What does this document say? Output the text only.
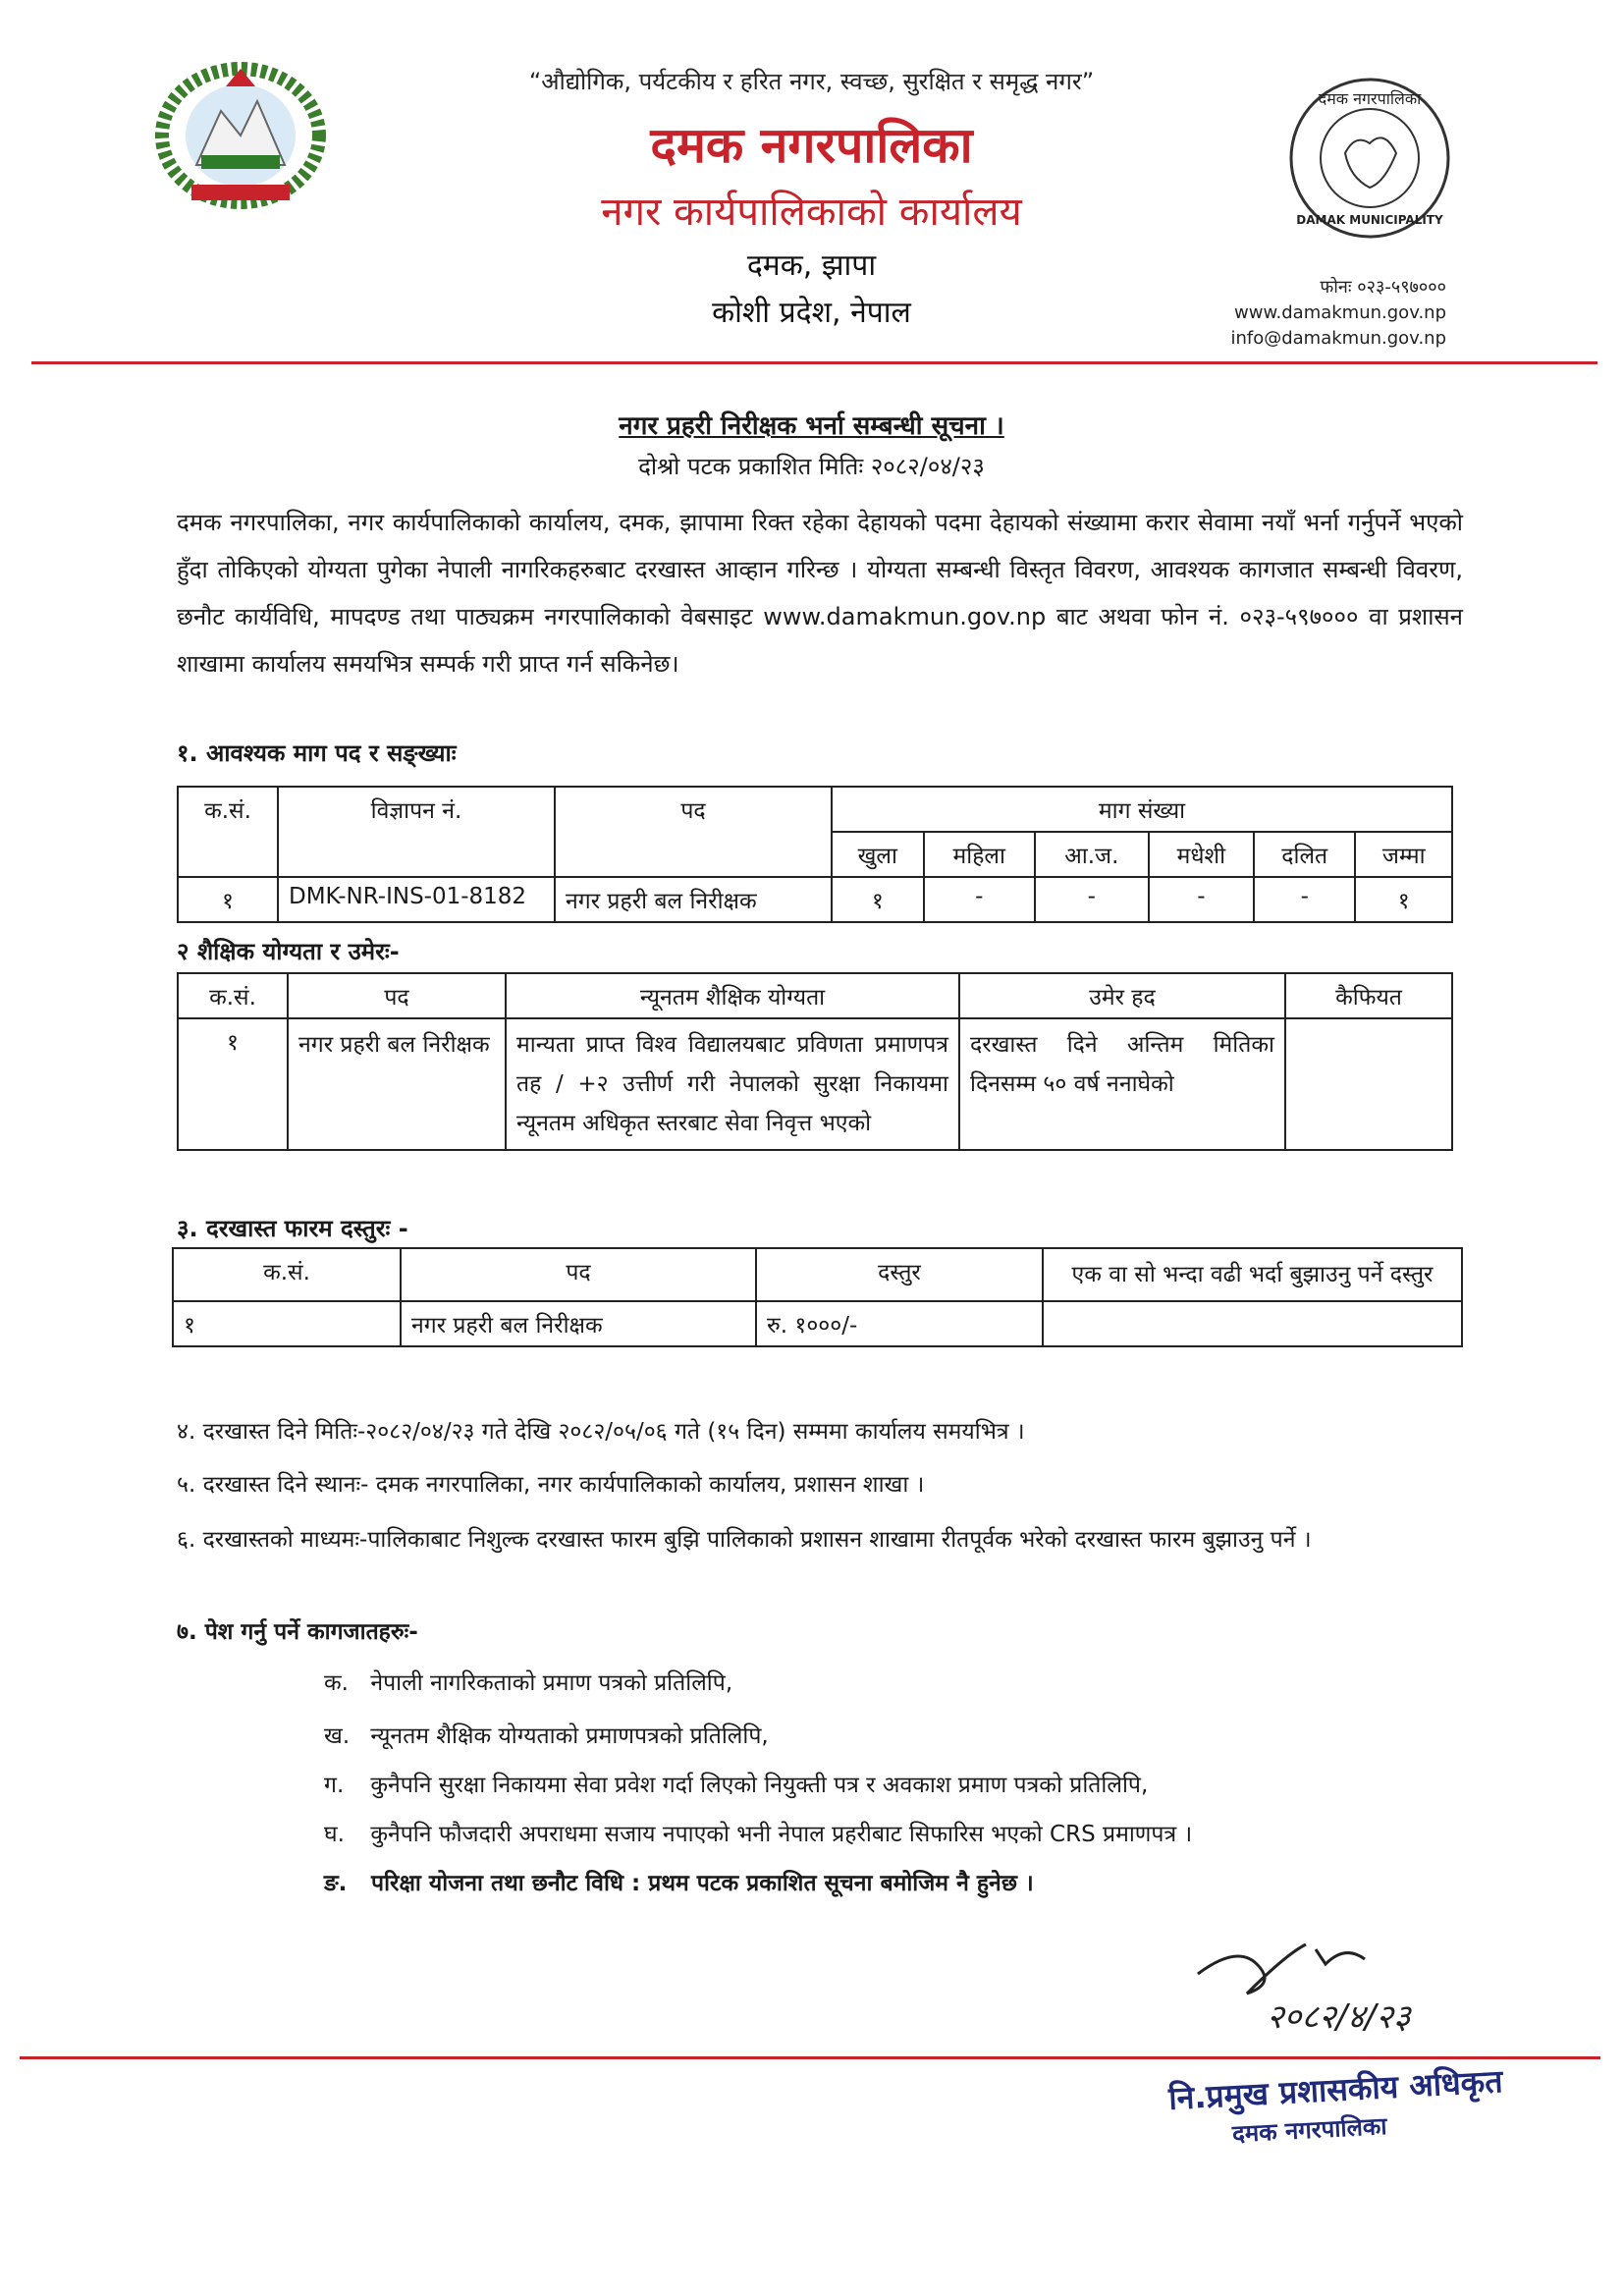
“औद्योगिक, पर्यटकीय र हरित नगर, स्वच्छ, सुरक्षित र समृद्ध नगर”
दमक नगरपालिका
नगर कार्यपालिकाको कार्यालय
दमक, झापा
कोशी प्रदेश, नेपाल
दमक नगरपालिका
DAMAK MUNICIPALITY
फोनः ०२३-५९७०००
www.damakmun.gov.np
info@damakmun.gov.np
नगर प्रहरी निरीक्षक भर्ना सम्बन्धी सूचना ।
दोश्रो पटक प्रकाशित मितिः २०८२/०४/२३
दमक नगरपालिका, नगर कार्यपालिकाको कार्यालय, दमक, झापामा रिक्त रहेका देहायको पदमा देहायको संख्यामा करार सेवामा नयाँ भर्ना गर्नुपर्ने भएको हुँदा तोकिएको योग्यता पुगेका नेपाली नागरिकहरुबाट दरखास्त आव्हान गरिन्छ । योग्यता सम्बन्धी विस्तृत विवरण, आवश्यक कागजात सम्बन्धी विवरण, छनौट कार्यविधि, मापदण्ड तथा पाठ्यक्रम नगरपालिकाको वेबसाइट www.damakmun.gov.np बाट अथवा फोन नं. ०२३-५९७००० वा प्रशासन शाखामा कार्यालय समयभित्र सम्पर्क गरी प्राप्त गर्न सकिनेछ।
१. आवश्यक माग पद र सङ्ख्याः
क.सं.	विज्ञापन नं.	पद	माग संख्या					
			खुला	महिला	आ.ज.	मधेशी	दलित	जम्मा
१	DMK-NR-INS-01-8182	नगर प्रहरी बल निरीक्षक	१	-	-	-	-	१
२ शैक्षिक योग्यता र उमेरः-
क.सं.	पद	न्यूनतम शैक्षिक योग्यता	उमेर हद	कैफियत
१	नगर प्रहरी बल निरीक्षक	मान्यता प्राप्त विश्व विद्यालयबाट प्रविणता प्रमाणपत्र तह / +२ उत्तीर्ण गरी नेपालको सुरक्षा निकायमा न्यूनतम अधिकृत स्तरबाट सेवा निवृत्त भएको	दरखास्त दिने अन्तिम मितिका दिनसम्म ५० वर्ष ननाघेको	
३. दरखास्त फारम दस्तुरः -
क.सं.	पद	दस्तुर	एक वा सो भन्दा वढी भर्दा बुझाउनु पर्ने दस्तुर
१	नगर प्रहरी बल निरीक्षक	रु. १०००/-	
४. दरखास्त दिने मितिः-२०८२/०४/२३ गते देखि २०८२/०५/०६ गते (१५ दिन) सम्ममा कार्यालय समयभित्र ।
५. दरखास्त दिने स्थानः- दमक नगरपालिका, नगर कार्यपालिकाको कार्यालय, प्रशासन शाखा ।
६. दरखास्तको माध्यमः-पालिकाबाट निशुल्क दरखास्त फारम बुझि पालिकाको प्रशासन शाखामा रीतपूर्वक भरेको दरखास्त फारम बुझाउनु पर्ने ।
७. पेश गर्नु पर्ने कागजातहरुः-
क. नेपाली नागरिकताको प्रमाण पत्रको प्रतिलिपि,
ख. न्यूनतम शैक्षिक योग्यताको प्रमाणपत्रको प्रतिलिपि,
ग. कुनैपनि सुरक्षा निकायमा सेवा प्रवेश गर्दा लिएको नियुक्ती पत्र र अवकाश प्रमाण पत्रको प्रतिलिपि,
घ. कुनैपनि फौजदारी अपराधमा सजाय नपाएको भनी नेपाल प्रहरीबाट सिफारिस भएको CRS प्रमाणपत्र ।
ङ. परिक्षा योजना तथा छनौट विधि : प्रथम पटक प्रकाशित सूचना बमोजिम नै हुनेछ ।
२०८२/४/२३
नि.प्रमुख प्रशासकीय अधिकृत
दमक नगरपालिका
